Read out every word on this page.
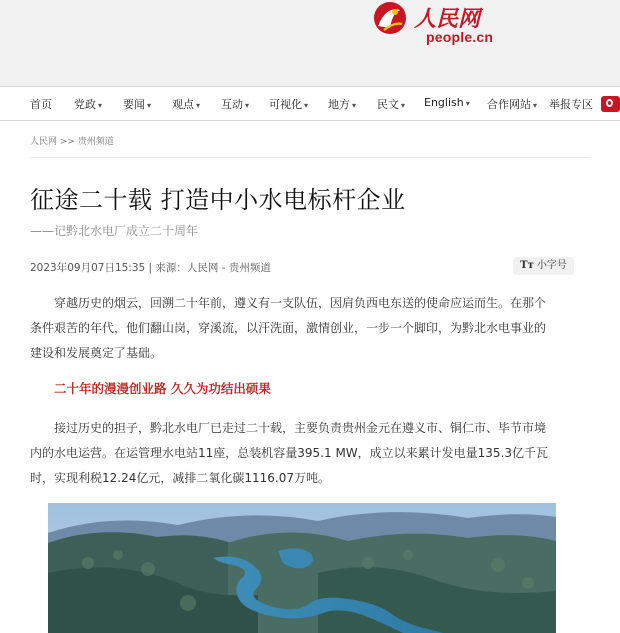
人民网
people.cn
首页 党政 ▾ 要闻 ▾ 观点 ▾ 互动 ▾ 可视化 ▾ 地方 ▾ 民文 ▾ English ▾ 合作网站 ▾ 举报专区
人民网 >> 贵州频道
征途二十载 打造中小水电标杆企业
——记黔北水电厂成立二十周年
2023年09月07日15:35 | 来源：人民网 - 贵州频道	Tт 小字号

　　穿越历史的烟云，回溯二十年前，遵义有一支队伍，因肩负西电东送的使命应运而生。在那个
条件艰苦的年代，他们翻山岗，穿溪流，以汗洗面，激情创业，一步一个脚印，为黔北水电事业的
建设和发展奠定了基础。

二十年的漫漫创业路 久久为功结出硕果

　　接过历史的担子，黔北水电厂已走过二十载，主要负责贵州金元在遵义市、铜仁市、毕节市境
内的水电运营。在运管理水电站11座，总装机容量395.1 MW，成立以来累计发电量135.3亿千瓦
时，实现利税12.24亿元，减排二氧化碳1116.07万吨。
